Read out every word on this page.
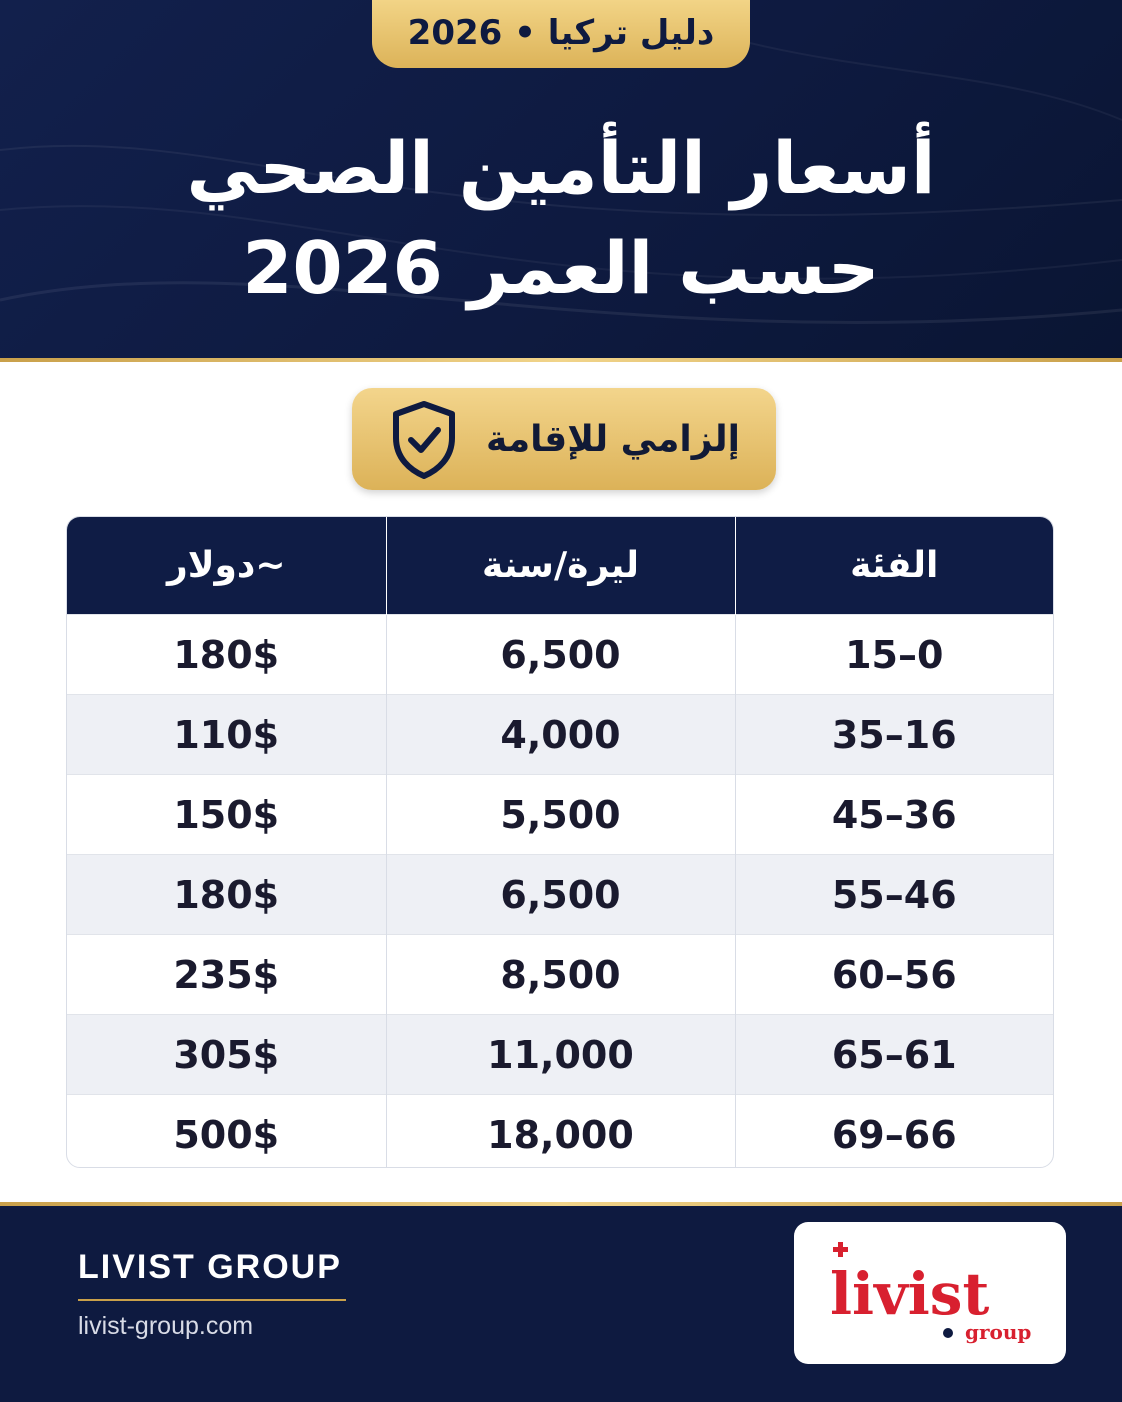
دليل تركيا • 2026
أسعار التأمين الصحي
حسب العمر 2026
إلزامي للإقامة
الفئة	ليرة/سنة	~دولار
0–15	6,500	180$
16–35	4,000	110$
36–45	5,500	150$
46–55	6,500	180$
56–60	8,500	235$
61–65	11,000	305$
66–69	18,000	500$
LIVIST GROUP
livist-group.com	livist
group
